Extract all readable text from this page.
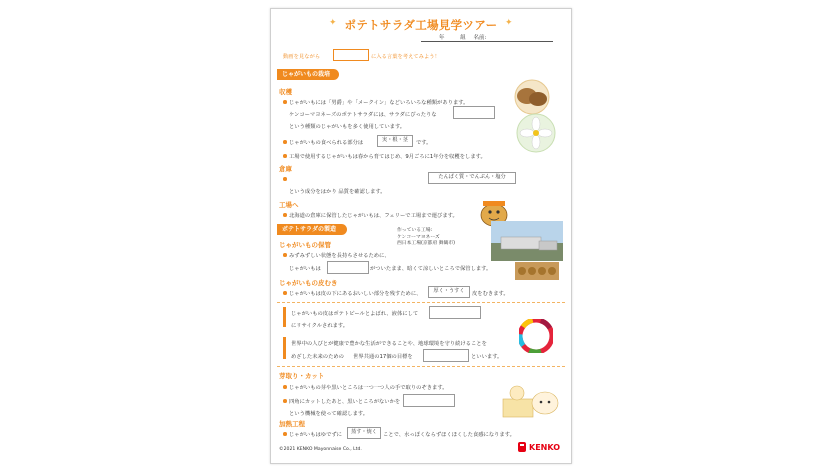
✦	✦
ポテトサラダ工場見学ツアー
年	組 名前:
動画を見ながら	に入る言葉を考えてみよう！
じゃがいもの栽培
収穫
じゃがいもには「男爵」や「メークイン」などいろいろな種類があります。
ケンコーマヨネーズのポテトサラダには、サラダにぴったりな
という種類のじゃがいもを多く使用しています。
じゃがいもの食べられる部分は	実・根・茎	です。
工場で使用するじゃがいもは春から育てはじめ、9月ごろに1年分を収穫をします。
倉庫
たんぱく質・でんぷん・塩分
という成分をはかり 品質を確認します。
工場へ
北海道の倉庫に保管したじゃがいもは、フェリーで工場まで運びます。
ポテトサラダの製造	作っている工場:
ケンコーマヨネーズ
西日本工場(京都府 舞鶴市)
じゃがいもの保管
みずみずしい状態を長持ちさせるために、
じゃがいもは	がついたまま、暗くて涼しいところで保管します。
じゃがいもの皮むき
じゃがいもは皮の下にあるおいしい部分を残すために、	厚く・うすく	皮をむきます。
じゃがいもの皮はポテトピールとよばれ、液体にして
にリサイクルされます。
世界中の人びとが健康で豊かな生活ができることや、地球環境を守り続けることを
めざした未来のための 世界共通の17個の目標を	といいます。
芽取り・カット
じゃがいもの芽や黒いところは一つ一つ人の手で取りのぞきます。
四角にカットしたあと、黒いところがないかを
という機械を使って確認します。
加熱工程
じゃがいもはゆでずに	蒸す・焼く	ことで、水っぽくならずほくほくした食感になります。
©2021 KENKO Mayonnaise Co., Ltd.	KENKO
